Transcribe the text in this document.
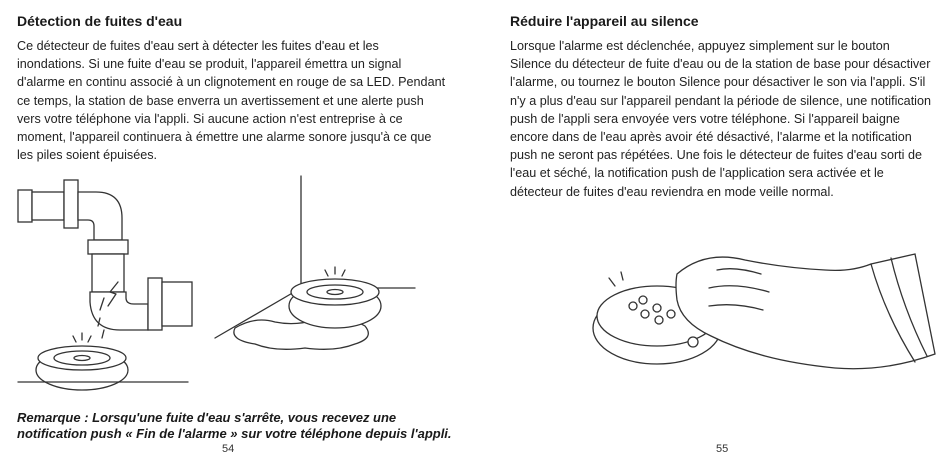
Détection de fuites d'eau

Ce détecteur de fuites d'eau sert à détecter les fuites d'eau et les inondations. Si une fuite d'eau se produit, l'appareil émettra un signal d'alarme en continu associé à un clignotement en rouge de sa LED. Pendant ce temps, la station de base enverra un avertissement et une alerte push vers votre téléphone via l'appli. Si aucune action n'est entreprise à ce moment, l'appareil continuera à émettre une alarme sonore jusqu'à ce que les piles soient épuisées.

Remarque : Lorsqu'une fuite d'eau s'arrête, vous recevez une notification push « Fin de l'alarme » sur votre téléphone depuis l'appli.

54
Réduire l'appareil au silence

Lorsque l'alarme est déclenchée, appuyez simplement sur le bouton Silence du détecteur de fuite d'eau ou de la station de base pour désactiver l'alarme, ou tournez le bouton Silence pour désactiver le son via l'appli. S'il n'y a plus d'eau sur l'appareil pendant la période de silence, une notification push de l'appli sera envoyée vers votre téléphone. Si l'appareil baigne encore dans de l'eau après avoir été désactivé, l'alarme et la notification push ne seront pas répétées. Une fois le détecteur de fuites d'eau sorti de l'eau et séché, la notification push de l'application sera activée et le détecteur de fuites d'eau reviendra en mode veille normal.

55
